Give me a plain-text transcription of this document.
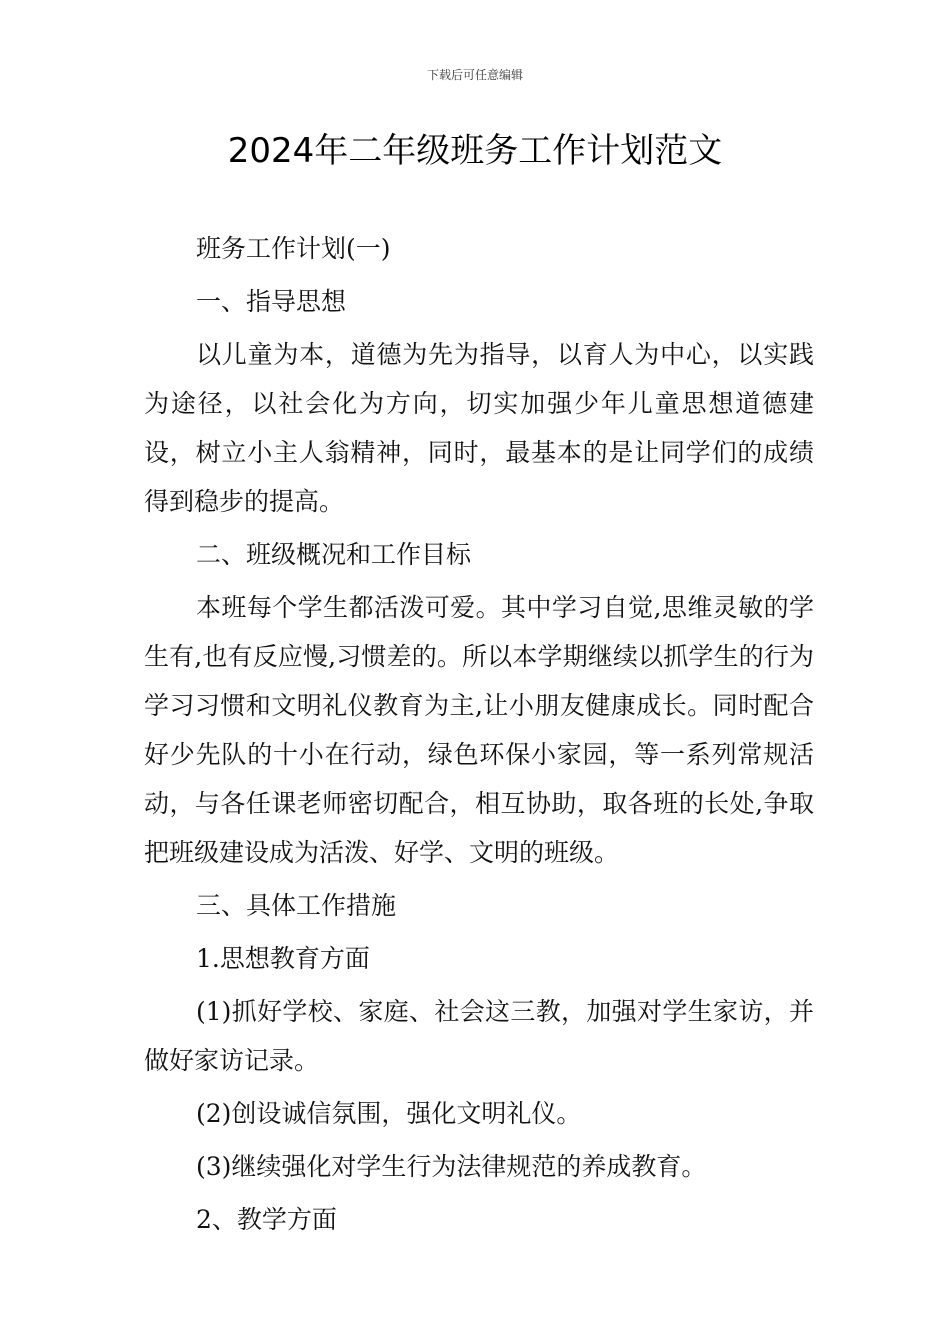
下载后可任意编辑
2024年二年级班务工作计划范文

班务工作计划(一)

一、指导思想

以儿童为本，道德为先为指导，以育人为中心，以实践为途径，以社会化为方向，切实加强少年儿童思想道德建设，树立小主人翁精神，同时，最基本的是让同学们的成绩得到稳步的提高。

二、班级概况和工作目标

本班每个学生都活泼可爱。其中学习自觉,思维灵敏的学生有,也有反应慢,习惯差的。所以本学期继续以抓学生的行为学习习惯和文明礼仪教育为主,让小朋友健康成长。同时配合好少先队的十小在行动，绿色环保小家园，等一系列常规活动，与各任课老师密切配合，相互协助，取各班的长处,争取把班级建设成为活泼、好学、文明的班级。

三、具体工作措施

1.思想教育方面

(1)抓好学校、家庭、社会这三教，加强对学生家访，并做好家访记录。

(2)创设诚信氛围，强化文明礼仪。

(3)继续强化对学生行为法律规范的养成教育。

2、教学方面
